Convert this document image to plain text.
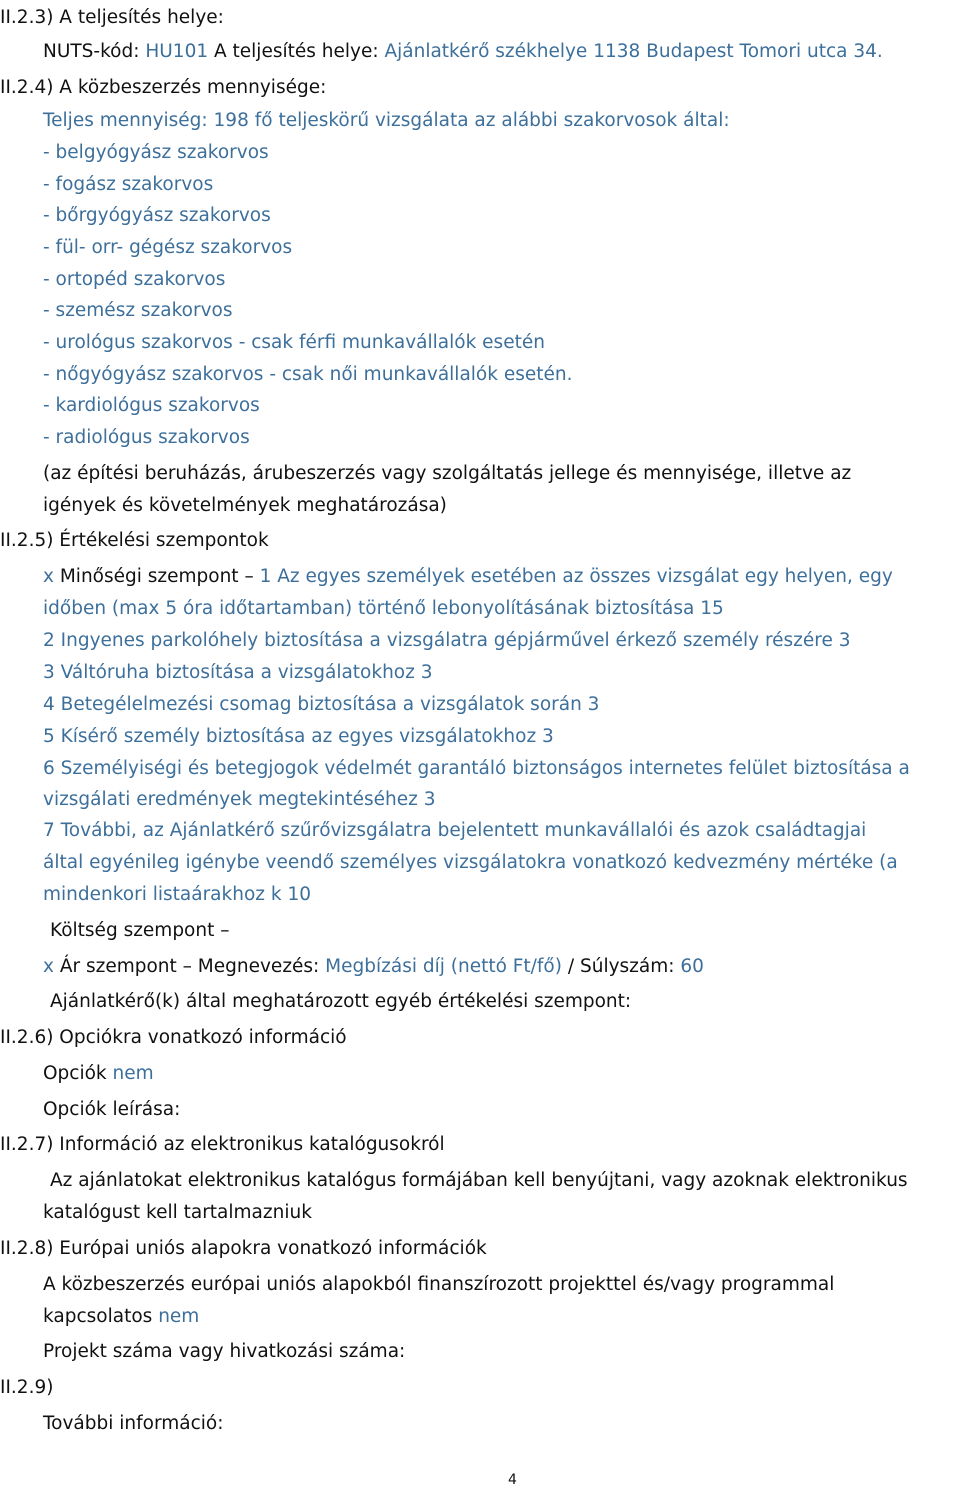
II.2.3) A teljesítés helye:
NUTS-kód: HU101 A teljesítés helye: Ajánlatkérő székhelye 1138 Budapest Tomori utca 34.
II.2.4) A közbeszerzés mennyisége:
Teljes mennyiség: 198 fő teljeskörű vizsgálata az alábbi szakorvosok által:
- belgyógyász szakorvos
- fogász szakorvos
- bőrgyógyász szakorvos
- fül- orr- gégész szakorvos
- ortopéd szakorvos
- szemész szakorvos
- urológus szakorvos - csak férfi munkavállalók esetén
- nőgyógyász szakorvos - csak női munkavállalók esetén.
- kardiológus szakorvos
- radiológus szakorvos
(az építési beruházás, árubeszerzés vagy szolgáltatás jellege és mennyisége, illetve az
igények és követelmények meghatározása)
II.2.5) Értékelési szempontok
x Minőségi szempont – 1 Az egyes személyek esetében az összes vizsgálat egy helyen, egy
időben (max 5 óra időtartamban) történő lebonyolításának biztosítása 15
2 Ingyenes parkolóhely biztosítása a vizsgálatra gépjárművel érkező személy részére 3
3 Váltóruha biztosítása a vizsgálatokhoz 3
4 Betegélelmezési csomag biztosítása a vizsgálatok során 3
5 Kísérő személy biztosítása az egyes vizsgálatokhoz 3
6 Személyiségi és betegjogok védelmét garantáló biztonságos internetes felület biztosítása a
vizsgálati eredmények megtekintéséhez 3
7 További, az Ajánlatkérő szűrővizsgálatra bejelentett munkavállalói és azok családtagjai
által egyénileg igénybe veendő személyes vizsgálatokra vonatkozó kedvezmény mértéke (a
mindenkori listaárakhoz k 10
Költség szempont –
x Ár szempont – Megnevezés: Megbízási díj (nettó Ft/fő) / Súlyszám: 60
Ajánlatkérő(k) által meghatározott egyéb értékelési szempont:
II.2.6) Opciókra vonatkozó információ
Opciók nem
Opciók leírása:
II.2.7) Információ az elektronikus katalógusokról
Az ajánlatokat elektronikus katalógus formájában kell benyújtani, vagy azoknak elektronikus
katalógust kell tartalmazniuk
II.2.8) Európai uniós alapokra vonatkozó információk
A közbeszerzés európai uniós alapokból finanszírozott projekttel és/vagy programmal
kapcsolatos nem
Projekt száma vagy hivatkozási száma:
II.2.9)
További információ:
4
